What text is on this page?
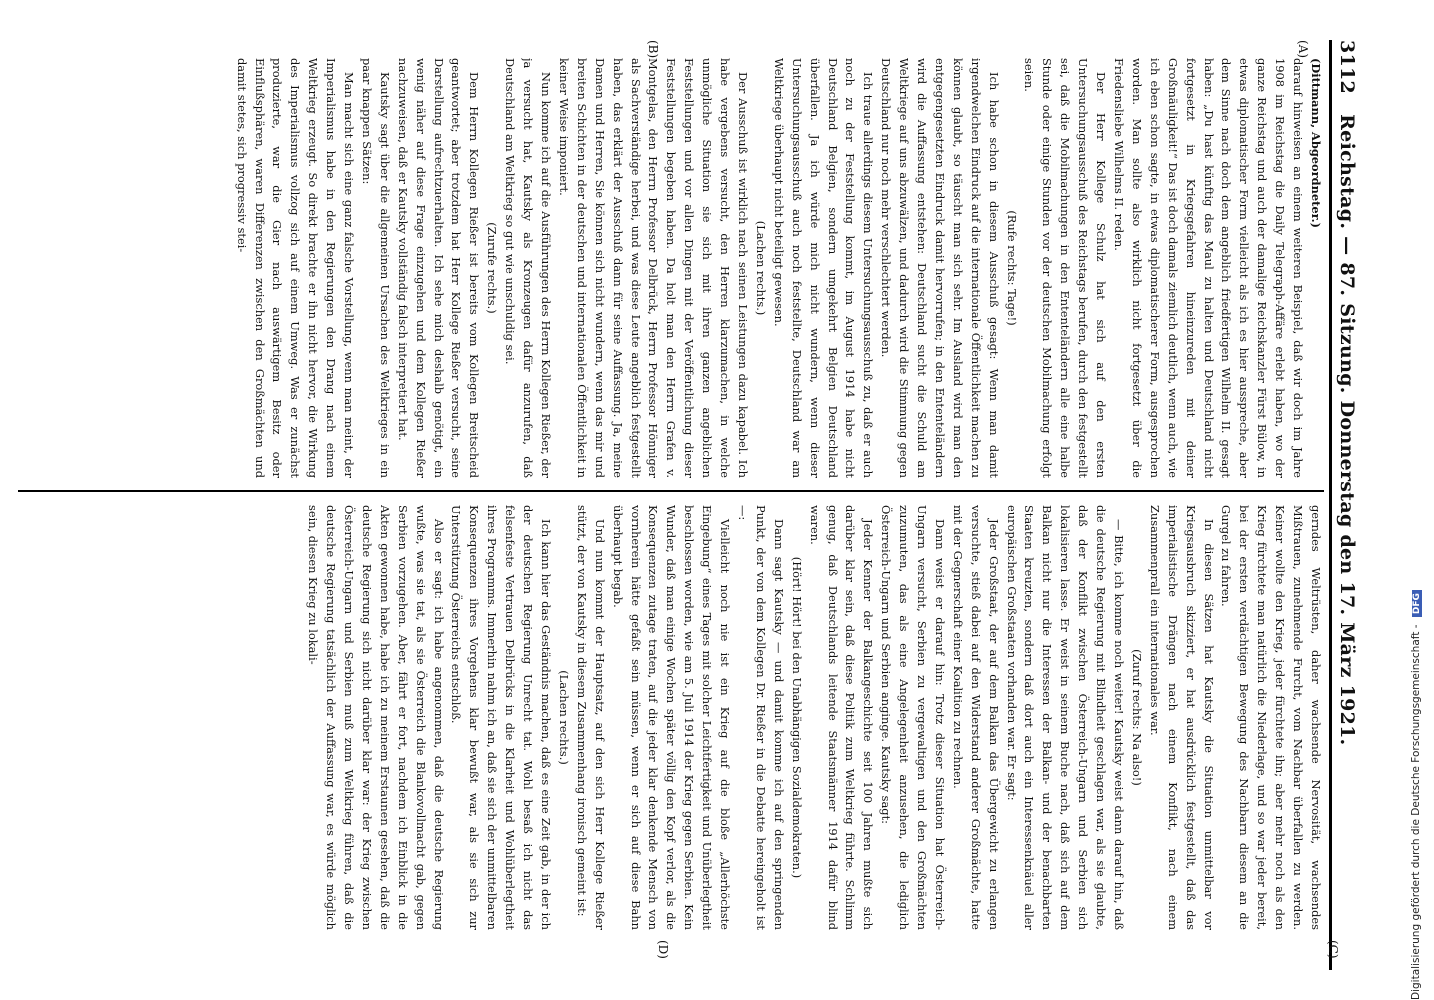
3112
Reichstag. — 87. Sitzung. Donnerstag den 17. März 1921.
(A)
(B)
(C)
(D)

(Dittmann, Abgeordneter.)

darauf hinweisen an einem weiteren Beispiel, daß wir doch im Jahre 1908 im Reichstag die Daily Telegraph-Affäre erlebt haben, wo der ganze Reichstag und auch der damalige Reichskanzler Fürst Bülow, in etwas diplomatischer Form vielleicht als ich es hier ausspreche, aber dem Sinne nach doch dem angeblich friedfertigen Wilhelm II. gesagt haben: „Du hast künftig das Maul zu halten und Deutschland nicht fortgesetzt in Kriegsgefahren hineinzureden mit deiner Großmäuligkeit!“ Das ist doch damals ziemlich deutlich, wenn auch, wie ich eben schon sagte, in etwas diplomatischerer Form, ausgesprochen worden. Man sollte also wirklich nicht fortgesetzt über die Friedensliebe Wilhelms II. reden.

Der Herr Kollege Schulz hat sich auf den ersten Untersuchungsausschuß des Reichstags berufen, durch den festgestellt sei, daß die Mobilmachungen in den Ententeländern alle eine halbe Stunde oder einige Stunden vor der deutschen Mobilmachung erfolgt seien.

(Rufe rechts: Tage!)

Ich habe schon in diesem Ausschuß gesagt: Wenn man damit irgendwelchen Eindruck auf die internationale Öffentlichkeit machen zu können glaubt, so täuscht man sich sehr. Im Ausland wird man den entgegengesetzten Eindruck damit hervorrufen; in den Ententeländern wird die Auffassung entstehen: Deutschland sucht die Schuld am Weltkriege auf uns abzuwälzen, und dadurch wird die Stimmung gegen Deutschland nur noch mehr verschlechtert werden.

Ich traue allerdings diesem Untersuchungsausschuß zu, daß er auch noch zu der Feststellung kommt, im August 1914 habe nicht Deutschland Belgien, sondern umgekehrt Belgien Deutschland überfallen. Ja ich würde mich nicht wundern, wenn dieser Untersuchungsausschuß auch noch feststellte, Deutschland war am Weltkriege überhaupt nicht beteiligt gewesen.

(Lachen rechts.)

Der Ausschuß ist wirklich nach seinen Leistungen dazu kapabel. Ich habe vergebens versucht, den Herren klarzumachen, in welche unmögliche Situation sie sich mit ihren ganzen angeblichen Feststellungen und vor allen Dingen mit der Veröffentlichung dieser Feststellungen begeben haben. Da holt man den Herrn Grafen v. Montgelas, den Herrn Professor Delbrück, Herrn Professor Hönniger als Sachverständige herbei, und was diese Leute angeblich festgestellt haben, das erklärt der Ausschuß dann für seine Auffassung. Ja, meine Damen und Herren, Sie können sich nicht wundern, wenn das mir und breiten Schichten in der deutschen und internationalen Öffentlichkeit in keiner Weise imponiert.

Nun komme ich auf die Ausführungen des Herrn Kollegen Rießer, der ja versucht hat, Kautsky als Kronzeugen dafür anzurufen, daß Deutschland am Weltkrieg so gut wie unschuldig sei.

(Zurufe rechts.)

Dem Herrn Kollegen Rießer ist bereits vom Kollegen Breitscheid geantwortet; aber trotzdem hat Herr Kollege Rießer versucht, seine Darstellung aufrechtzuerhalten. Ich sehe mich deshalb genötigt, ein wenig näher auf diese Frage einzugehen und dem Kollegen Rießer nachzuweisen, daß er Kautsky vollständig falsch interpretiert hat.

Kautsky sagt über die allgemeinen Ursachen des Weltkrieges in ein paar knappen Sätzen:

Man macht sich eine ganz falsche Vorstellung, wenn man meint, der Imperialismus habe in den Regierungen den Drang nach einem Weltkrieg erzeugt. So direkt brachte er ihn nicht hervor, die Wirkung des Imperialismus vollzog sich auf einem Umweg. Was er zunächst produzierte, war die Gier nach auswärtigem Besitz oder Einflußsphären, waren Differenzen zwischen den Großmächten und damit stetes, sich progressiv stei-

gerndes Weltrüsten, daher wachsende Nervosität, wachsendes Mißtrauen, zunehmende Furcht, vom Nachbar überfallen zu werden. Keiner wollte den Krieg, jeder fürchtete ihn; aber mehr noch als den Krieg fürchtete man natürlich die Niederlage, und so war jeder bereit, bei der ersten verdächtigen Bewegung des Nachbarn diesem an die Gurgel zu fahren.

In diesen Sätzen hat Kautsky die Situation unmittelbar vor Kriegsausbruch skizziert, er hat ausdrücklich festgestellt, daß das imperialistische Drängen nach einem Konflikt, nach einem Zusammenprall ein internationales war.

(Zuruf rechts: Na also!)

— Bitte, ich komme noch weiter! Kautsky weist dann darauf hin, daß die deutsche Regierung mit Blindheit geschlagen war, als sie glaubte, daß der Konflikt zwischen Österreich-Ungarn und Serbien sich lokalisieren lasse. Er weist in seinem Buche nach, daß sich auf dem Balkan nicht nur die Interessen der Balkan- und der benachbarten Staaten kreuzten, sondern daß dort auch ein Interessenknäuel aller europäischen Großstaaten vorhanden war. Er sagt:

Jeder Großstaat, der auf dem Balkan das Übergewicht zu erlangen versuchte, stieß dabei auf den Widerstand anderer Großmächte, hatte mit der Gegnerschaft einer Koalition zu rechnen.

Dann weist er darauf hin: Trotz dieser Situation hat Österreich-Ungarn versucht, Serbien zu vergewaltigen und den Großmächten zuzumuten, das als eine Angelegenheit anzusehen, die lediglich Österreich-Ungarn und Serbien anginge. Kautsky sagt:

Jeder Kenner der Balkangeschichte seit 100 Jahren mußte sich darüber klar sein, daß diese Politik zum Weltkrieg führte. Schlimm genug, daß Deutschlands leitende Staatsmänner 1914 dafür blind waren.

(Hört! Hört! bei den Unabhängigen Sozialdemokraten.)

Dann sagt Kautsky — und damit komme ich auf den springenden Punkt, der von dem Kollegen Dr. Rießer in die Debatte hereingeholt ist —:

Vielleicht noch nie ist ein Krieg auf die bloße „Allerhöchste Eingebung“ eines Tages mit solcher Leichtfertigkeit und Unüberlegtheit beschlossen worden, wie am 5. Juli 1914 der Krieg gegen Serbien. Kein Wunder, daß man einige Wochen später völlig den Kopf verlor, als die Konsequenzen zutage traten, auf die jeder klar denkende Mensch von vornherein hätte gefaßt sein müssen, wenn er sich auf diese Bahn überhaupt begab.

Und nun kommt der Hauptsatz, auf den sich Herr Kollege Rießer stützt, der von Kautsky in diesem Zusammenhang ironisch gemeint ist:

(Lachen rechts.)

Ich kann hier das Geständnis machen, daß es eine Zeit gab, in der ich der deutschen Regierung Unrecht tat. Wohl besaß ich nicht das felsenfeste Vertrauen Delbrücks in die Klarheit und Wohlüberlegtheit ihres Programms. Immerhin nahm ich an, daß sie sich der unmittelbaren Konsequenzen ihres Vorgehens klar bewußt war, als sie sich zur Unterstützung Österreichs entschloß.

Also er sagt: ich habe angenommen, daß die deutsche Regierung wußte, was sie tat, als sie Österreich die Blankovollmacht gab, gegen Serbien vorzugehen. Aber, fährt er fort, nachdem ich Einblick in die Akten gewonnen habe, habe ich zu meinem Erstaunen gesehen, daß die deutsche Regierung sich nicht darüber klar war: der Krieg zwischen Österreich-Ungarn und Serbien muß zum Weltkrieg führen, daß die deutsche Regierung tatsächlich der Auffassung war, es würde möglich sein, diesen Krieg zu lokali-

Digitalisierung gefördert durch die Deutsche Forschungsgemeinschaft - DFG
